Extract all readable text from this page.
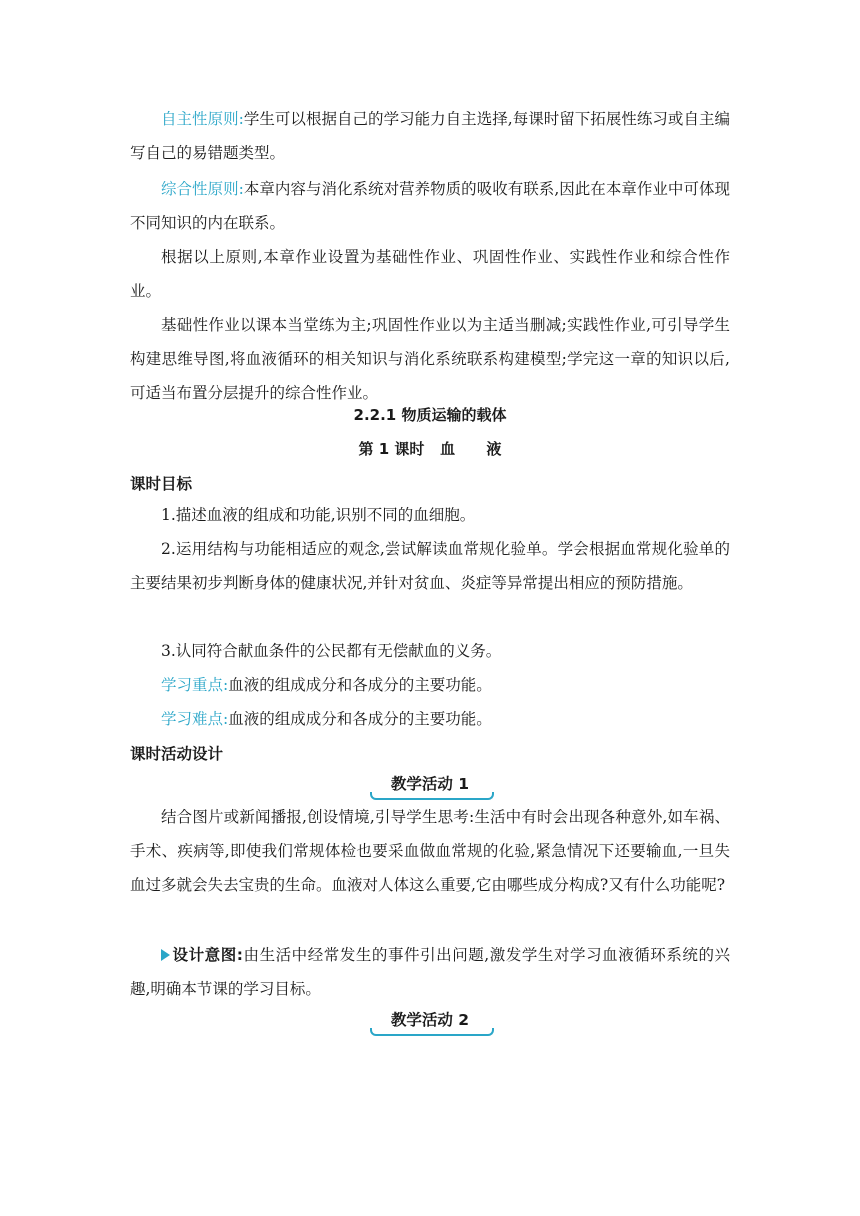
自主性原则:学生可以根据自己的学习能力自主选择,每课时留下拓展性练习或自主编写自己的易错题类型。

综合性原则:本章内容与消化系统对营养物质的吸收有联系,因此在本章作业中可体现不同知识的内在联系。

根据以上原则,本章作业设置为基础性作业、巩固性作业、实践性作业和综合性作业。

基础性作业以课本当堂练为主;巩固性作业以为主适当删减;实践性作业,可引导学生构建思维导图,将血液循环的相关知识与消化系统联系构建模型;学完这一章的知识以后,可适当布置分层提升的综合性作业。

2.2.1 物质运输的载体
第 1 课时   血      液
课时目标

1.描述血液的组成和功能,识别不同的血细胞。

2.运用结构与功能相适应的观念,尝试解读血常规化验单。学会根据血常规化验单的主要结果初步判断身体的健康状况,并针对贫血、炎症等异常提出相应的预防措施。

3.认同符合献血条件的公民都有无偿献血的义务。

学习重点:血液的组成成分和各成分的主要功能。

学习难点:血液的组成成分和各成分的主要功能。

课时活动设计
教学活动 1

结合图片或新闻播报,创设情境,引导学生思考:生活中有时会出现各种意外,如车祸、手术、疾病等,即使我们常规体检也要采血做血常规的化验,紧急情况下还要输血,一旦失血过多就会失去宝贵的生命。血液对人体这么重要,它由哪些成分构成?又有什么功能呢?

设计意图:由生活中经常发生的事件引出问题,激发学生对学习血液循环系统的兴趣,明确本节课的学习目标。

教学活动 2
